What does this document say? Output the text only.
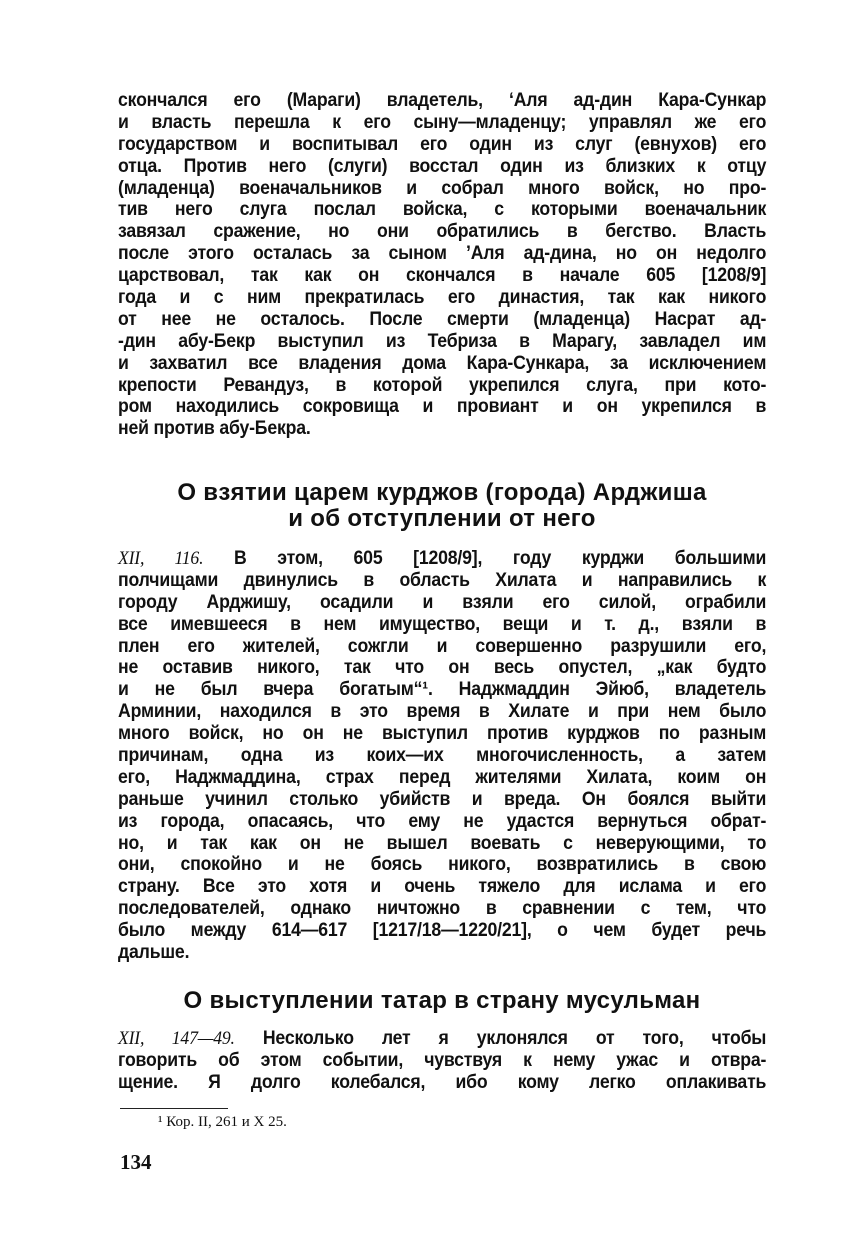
скончался его (Мараги) владетель, ‘Аля ад-дин Кара-Сункар
и власть перешла к его сыну—младенцу; управлял же его
государством и воспитывал его один из слуг (евнухов) его
отца. Против него (слуги) восстал один из близких к отцу
(младенца) военачальников и собрал много войск, но про-
тив него слуга послал войска, с которыми военачальник
завязал сражение, но они обратились в бегство. Власть
после этого осталась за сыном ’Аля ад-дина, но он недолго
царствовал, так как он скончался в начале 605 [1208/9]
года и с ним прекратилась его династия, так как никого
от нее не осталось. После смерти (младенца) Насрат ад-
-дин абу-Бекр выступил из Тебриза в Марагу, завладел им
и захватил все владения дома Кара-Сункара, за исключением
крепости Ревандуз, в которой укрепился слуга, при кото-
ром находились сокровища и провиант и он укрепился в
ней против абу-Бекра.
О взятии царем курджов (города) Арджиша
и об отступлении от него
XII, 116. В этом, 605 [1208/9], году курджи большими
полчищами двинулись в область Хилата и направились к
городу Арджишу, осадили и взяли его силой, ограбили
все имевшееся в нем имущество, вещи и т. д., взяли в
плен его жителей, сожгли и совершенно разрушили его,
не оставив никого, так что он весь опустел, „как будто
и не был вчера богатым“¹. Наджмаддин Эйюб, владетель
Арминии, находился в это время в Хилате и при нем было
много войск, но он не выступил против курджов по разным
причинам, одна из коих—их многочисленность, а затем
его, Наджмаддина, страх перед жителями Хилата, коим он
раньше учинил столько убийств и вреда. Он боялся выйти
из города, опасаясь, что ему не удастся вернуться обрат-
но, и так как он не вышел воевать с неверующими, то
они, спокойно и не боясь никого, возвратились в свою
страну. Все это хотя и очень тяжело для ислама и его
последователей, однако ничтожно в сравнении с тем, что
было между 614—617 [1217/18—1220/21], о чем будет речь
дальше.
О выступлении татар в страну мусульман
XII, 147—49. Несколько лет я уклонялся от того, чтобы
говорить об этом событии, чувствуя к нему ужас и отвра-
щение. Я долго колебался, ибо кому легко оплакивать
¹ Кор. II, 261 и X 25.
134
